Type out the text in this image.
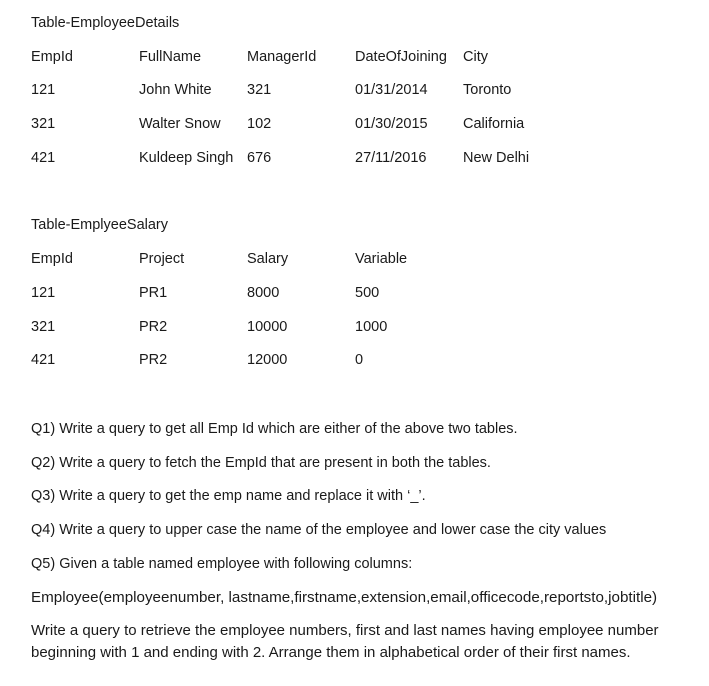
Table-EmployeeDetails
EmpId	FullName	ManagerId	DateOfJoining City
121	John White 321	01/31/2014 Toronto
321	Walter Snow 102	01/30/2015 California
421	Kuldeep Singh 676	27/11/2016	New Delhi
Table-EmplyeeSalary
EmpId	Project	Salary	Variable
121	PR1	8000	500
321	PR2	10000	1000
421	PR2	12000	0
Q1) Write a query to get all Emp Id which are either of the above two tables.
Q2) Write a query to fetch the EmpId that are present in both the tables.
Q3) Write a query to get the emp name and replace it with ‘_’.
Q4) Write a query to upper case the name of the employee and lower case the city values
Q5) Given a table named employee with following columns:
Employee(employeenumber, lastname,firstname,extension,email,officecode,reportsto,jobtitle)
Write a query to retrieve the employee numbers, first and last names having employee number beginning with 1 and ending with 2. Arrange them in alphabetical order of their first names.
